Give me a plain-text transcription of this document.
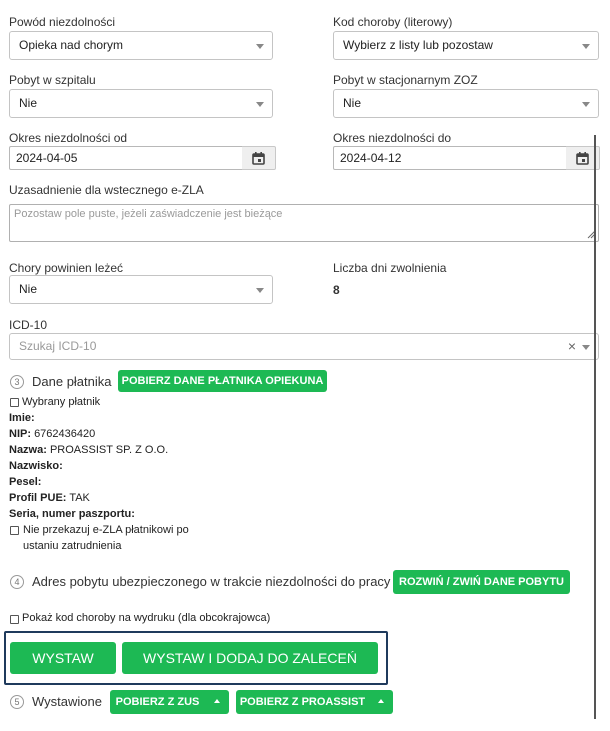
Powód niezdolności
Opieka nad chorym
Kod choroby (literowy)
Wybierz z listy lub pozostaw
Pobyt w szpitalu
Nie
Pobyt w stacjonarnym ZOZ
Nie
Okres niezdolności od
2024-04-05
Okres niezdolności do
2024-04-12
Uzasadnienie dla wstecznego e-ZLA
Pozostaw pole puste, jeżeli zaświadczenie jest bieżące
Chory powinien leżeć
Nie
Liczba dni zwolnienia
8
ICD-10
Szukaj ICD-10	×
3 Dane płatnika POBIERZ DANE PŁATNIKA OPIEKUNA
Wybrany płatnik
Imie:
NIP: 6762436420
Nazwa: PROASSIST SP. Z O.O.
Nazwisko:
Pesel:
Profil PUE: TAK
Seria, numer paszportu:
Nie przekazuj e-ZLA płatnikowi po
ustaniu zatrudnienia
4 Adres pobytu ubezpieczonego w trakcie niezdolności do pracy ROZWIŃ / ZWIŃ DANE POBYTU
Pokaż kod choroby na wydruku (dla obcokrajowca)
WYSTAW	WYSTAW I DODAJ DO ZALECEŃ
5 Wystawione	POBIERZ Z ZUS	POBIERZ Z PROASSIST
